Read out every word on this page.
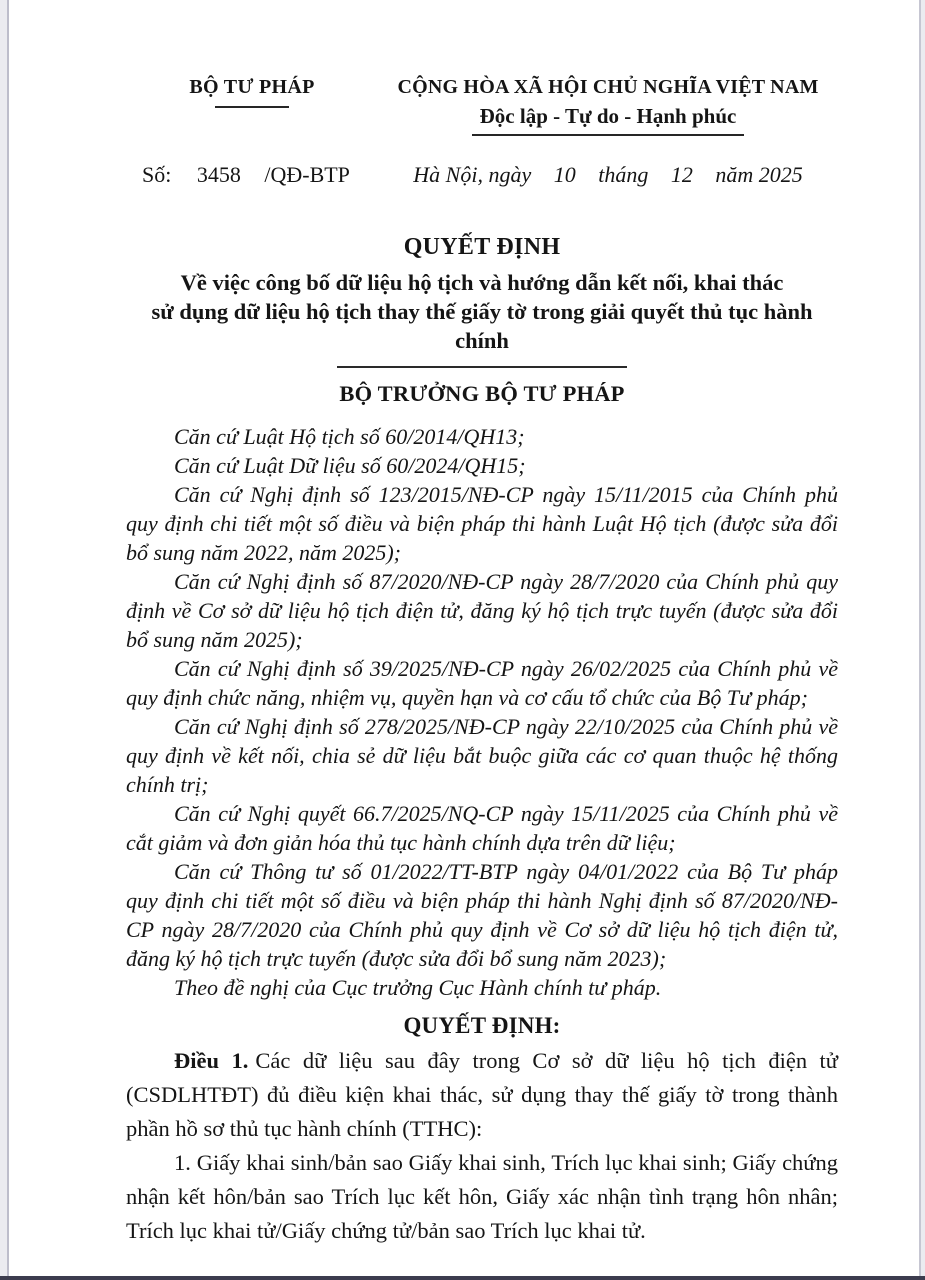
BỘ TƯ PHÁP	CỘNG HÒA XÃ HỘI CHỦ NGHĨA VIỆT NAM
Độc lập - Tự do - Hạnh phúc
Số: 3458 /QĐ-BTP	Hà Nội, ngày 10 tháng 12 năm 2025
QUYẾT ĐỊNH
Về việc công bố dữ liệu hộ tịch và hướng dẫn kết nối, khai thác
sử dụng dữ liệu hộ tịch thay thế giấy tờ trong giải quyết thủ tục hành chính
BỘ TRƯỞNG BỘ TƯ PHÁP

Căn cứ Luật Hộ tịch số 60/2014/QH13;

Căn cứ Luật Dữ liệu số 60/2024/QH15;

Căn cứ Nghị định số 123/2015/NĐ-CP ngày 15/11/2015 của Chính phủ quy định chi tiết một số điều và biện pháp thi hành Luật Hộ tịch (được sửa đổi bổ sung năm 2022, năm 2025);

Căn cứ Nghị định số 87/2020/NĐ-CP ngày 28/7/2020 của Chính phủ quy định về Cơ sở dữ liệu hộ tịch điện tử, đăng ký hộ tịch trực tuyến (được sửa đổi bổ sung năm 2025);

Căn cứ Nghị định số 39/2025/NĐ-CP ngày 26/02/2025 của Chính phủ về quy định chức năng, nhiệm vụ, quyền hạn và cơ cấu tổ chức của Bộ Tư pháp;

Căn cứ Nghị định số 278/2025/NĐ-CP ngày 22/10/2025 của Chính phủ về quy định về kết nối, chia sẻ dữ liệu bắt buộc giữa các cơ quan thuộc hệ thống chính trị;

Căn cứ Nghị quyết 66.7/2025/NQ-CP ngày 15/11/2025 của Chính phủ về cắt giảm và đơn giản hóa thủ tục hành chính dựa trên dữ liệu;

Căn cứ Thông tư số 01/2022/TT-BTP ngày 04/01/2022 của Bộ Tư pháp quy định chi tiết một số điều và biện pháp thi hành Nghị định số 87/2020/NĐ-CP ngày 28/7/2020 của Chính phủ quy định về Cơ sở dữ liệu hộ tịch điện tử, đăng ký hộ tịch trực tuyến (được sửa đổi bổ sung năm 2023);

Theo đề nghị của Cục trưởng Cục Hành chính tư pháp.

QUYẾT ĐỊNH:

Điều 1. Các dữ liệu sau đây trong Cơ sở dữ liệu hộ tịch điện tử (CSDLHTĐT) đủ điều kiện khai thác, sử dụng thay thế giấy tờ trong thành phần hồ sơ thủ tục hành chính (TTHC):

1. Giấy khai sinh/bản sao Giấy khai sinh, Trích lục khai sinh; Giấy chứng nhận kết hôn/bản sao Trích lục kết hôn, Giấy xác nhận tình trạng hôn nhân; Trích lục khai tử/Giấy chứng tử/bản sao Trích lục khai tử.
